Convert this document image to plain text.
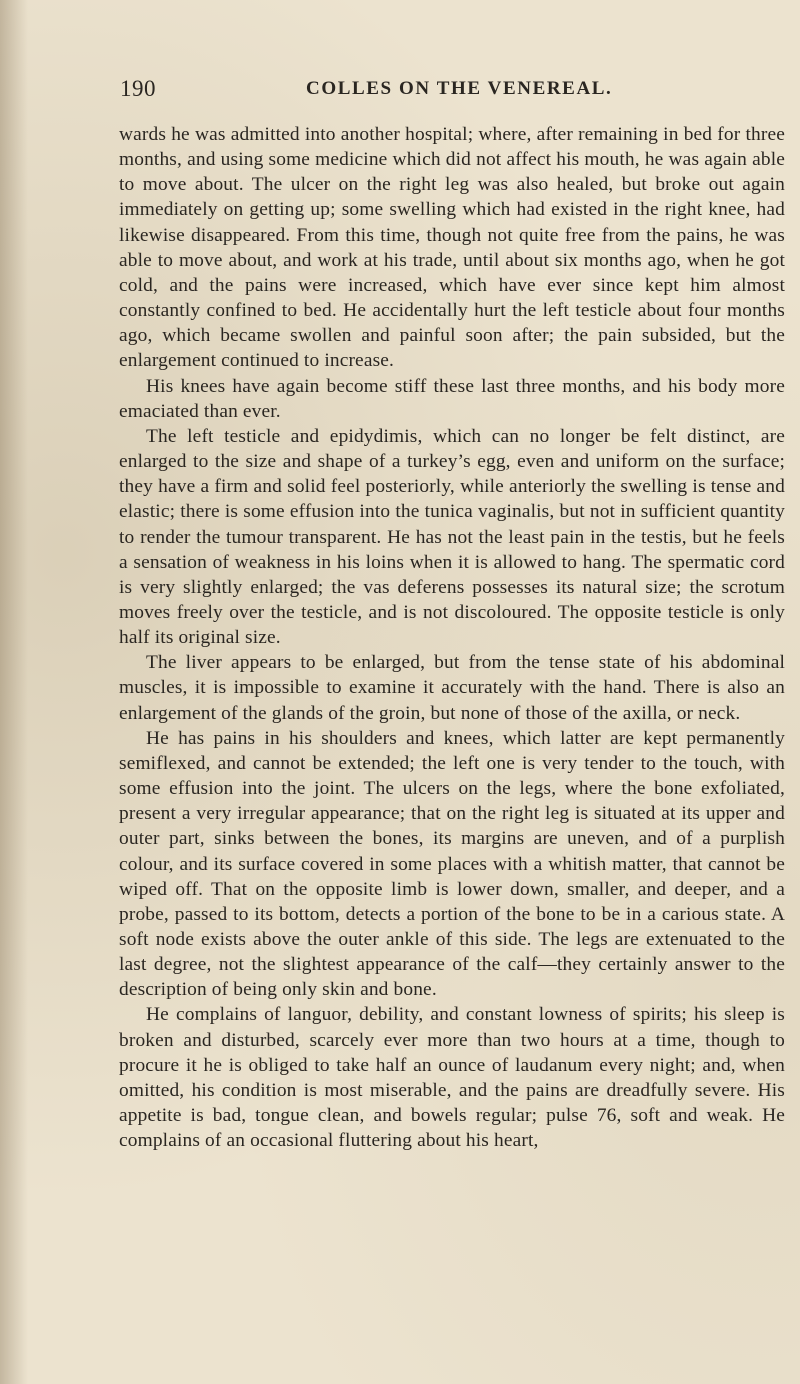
190	COLLES ON THE VENEREAL.

wards he was admitted into another hospital; where, after remaining in bed for three months, and using some medicine which did not affect his mouth, he was again able to move about. The ulcer on the right leg was also healed, but broke out again immediately on getting up; some swelling which had existed in the right knee, had likewise disappeared. From this time, though not quite free from the pains, he was able to move about, and work at his trade, until about six months ago, when he got cold, and the pains were increased, which have ever since kept him almost constantly confined to bed. He accidentally hurt the left testicle about four months ago, which became swollen and painful soon after; the pain subsided, but the enlargement continued to increase.

His knees have again become stiff these last three months, and his body more emaciated than ever.

The left testicle and epidydimis, which can no longer be felt distinct, are enlarged to the size and shape of a turkey’s egg, even and uniform on the surface; they have a firm and solid feel posteriorly, while anteriorly the swelling is tense and elastic; there is some effusion into the tunica vaginalis, but not in sufficient quantity to render the tumour transparent. He has not the least pain in the testis, but he feels a sensation of weakness in his loins when it is allowed to hang. The spermatic cord is very slightly enlarged; the vas deferens possesses its natural size; the scrotum moves freely over the testicle, and is not discoloured. The opposite testicle is only half its original size.

The liver appears to be enlarged, but from the tense state of his abdominal muscles, it is impossible to examine it accurately with the hand. There is also an enlargement of the glands of the groin, but none of those of the axilla, or neck.

He has pains in his shoulders and knees, which latter are kept permanently semiflexed, and cannot be extended; the left one is very tender to the touch, with some effusion into the joint. The ulcers on the legs, where the bone exfoliated, present a very irregular appearance; that on the right leg is situated at its upper and outer part, sinks between the bones, its margins are uneven, and of a purplish colour, and its surface covered in some places with a whitish matter, that cannot be wiped off. That on the opposite limb is lower down, smaller, and deeper, and a probe, passed to its bottom, detects a portion of the bone to be in a carious state. A soft node exists above the outer ankle of this side. The legs are extenuated to the last degree, not the slightest appearance of the calf—they certainly answer to the description of being only skin and bone.

He complains of languor, debility, and constant lowness of spirits; his sleep is broken and disturbed, scarcely ever more than two hours at a time, though to procure it he is obliged to take half an ounce of laudanum every night; and, when omitted, his condition is most miserable, and the pains are dreadfully severe. His appetite is bad, tongue clean, and bowels regular; pulse 76, soft and weak. He complains of an occasional fluttering about his heart,
